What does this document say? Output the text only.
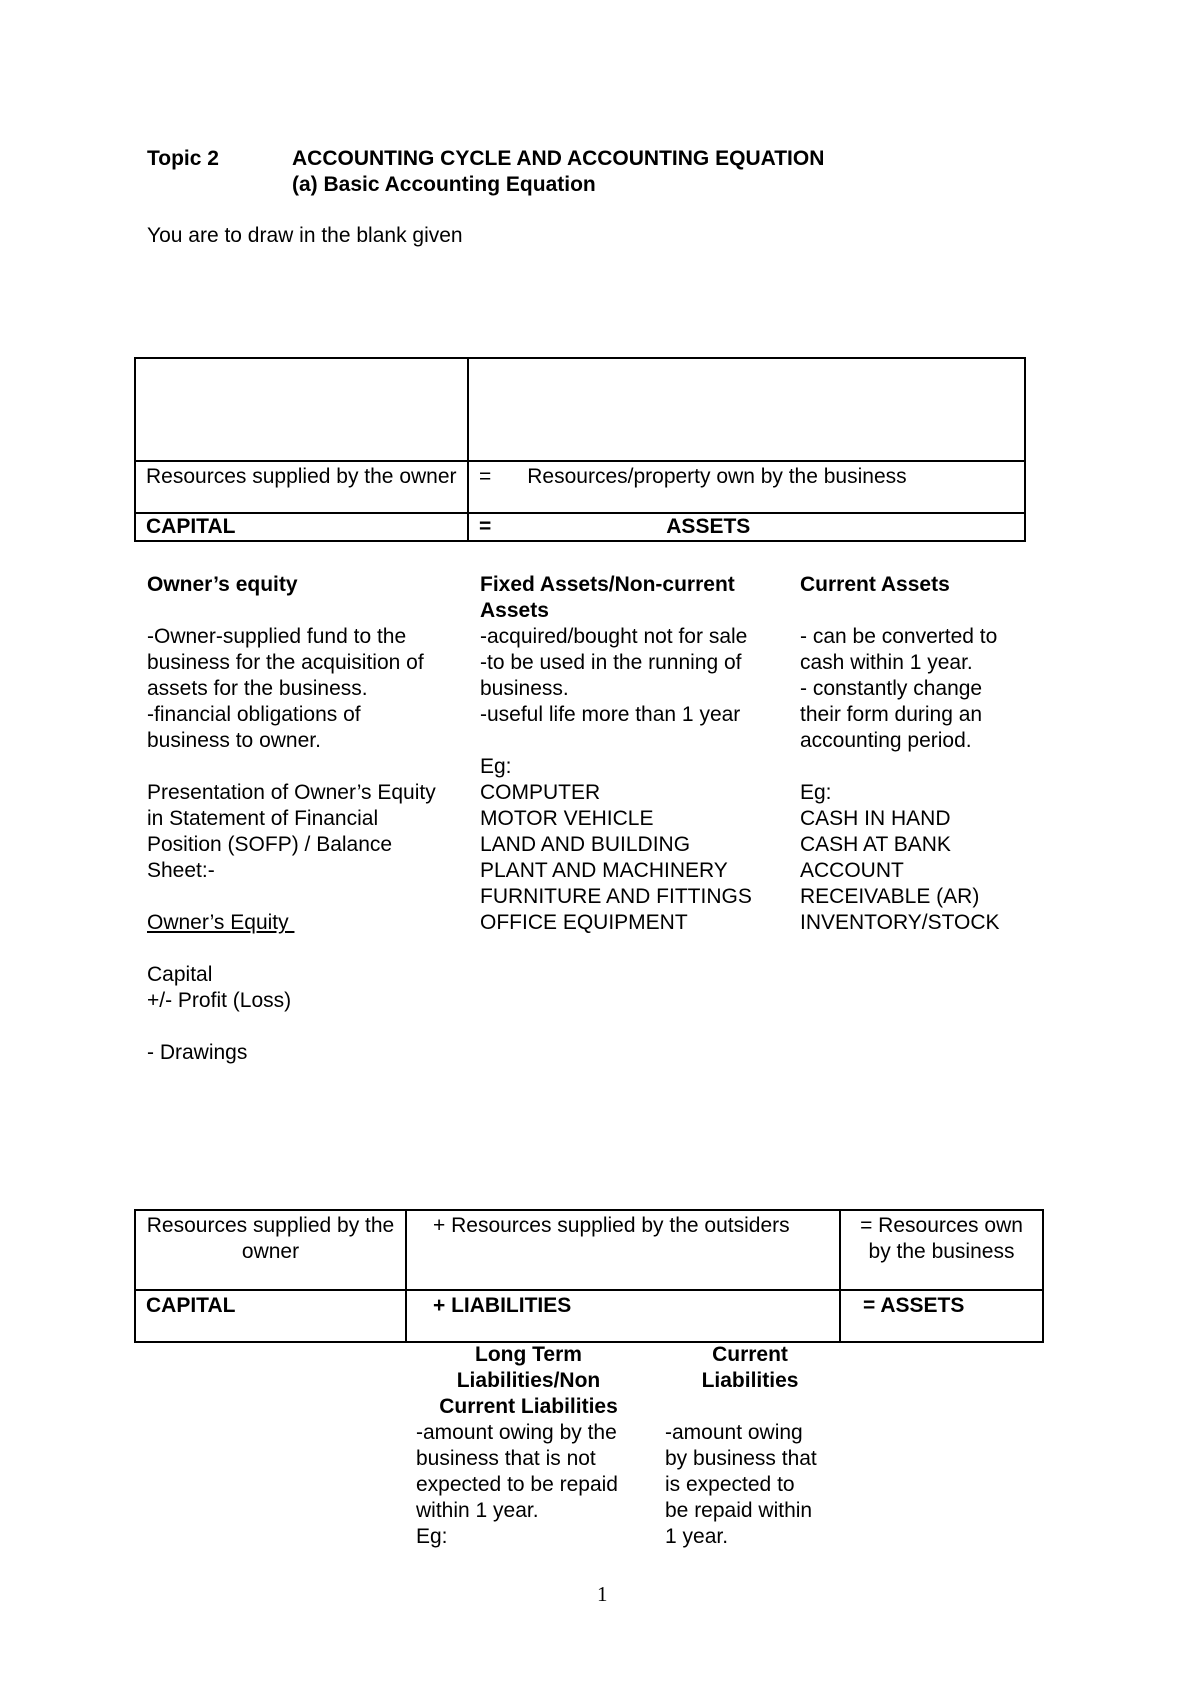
Topic 2	ACCOUNTING CYCLE AND ACCOUNTING EQUATION
(a) Basic Accounting Equation
You are to draw in the blank given

Resources supplied by the owner	= Resources/property own by the business
CAPITAL	= ASSETS
Owner’s equity
-Owner-supplied fund to the
business for the acquisition of
assets for the business.
-financial obligations of
business to owner.
Presentation of Owner’s Equity
in Statement of Financial
Position (SOFP) / Balance
Sheet:-
Owner’s Equity
Capital
+/- Profit (Loss)
- Drawings
Fixed Assets/Non-current
Assets
-acquired/bought not for sale
-to be used in the running of
business.
-useful life more than 1 year
Eg:
COMPUTER
MOTOR VEHICLE
LAND AND BUILDING
PLANT AND MACHINERY
FURNITURE AND FITTINGS
OFFICE EQUIPMENT
Current Assets
- can be converted to
cash within 1 year.
- constantly change
their form during an
accounting period.
Eg:
CASH IN HAND
CASH AT BANK
ACCOUNT
RECEIVABLE (AR)
INVENTORY/STOCK
Resources supplied by the owner	+ Resources supplied by the outsiders	= Resources own by the business
CAPITAL	+ LIABILITIES	= ASSETS
Long Term
Liabilities/Non
Current Liabilities
-amount owing by the
business that is not
expected to be repaid
within 1 year.
Eg:
Current
Liabilities
-amount owing
by business that
is expected to
be repaid within
1 year.
1
